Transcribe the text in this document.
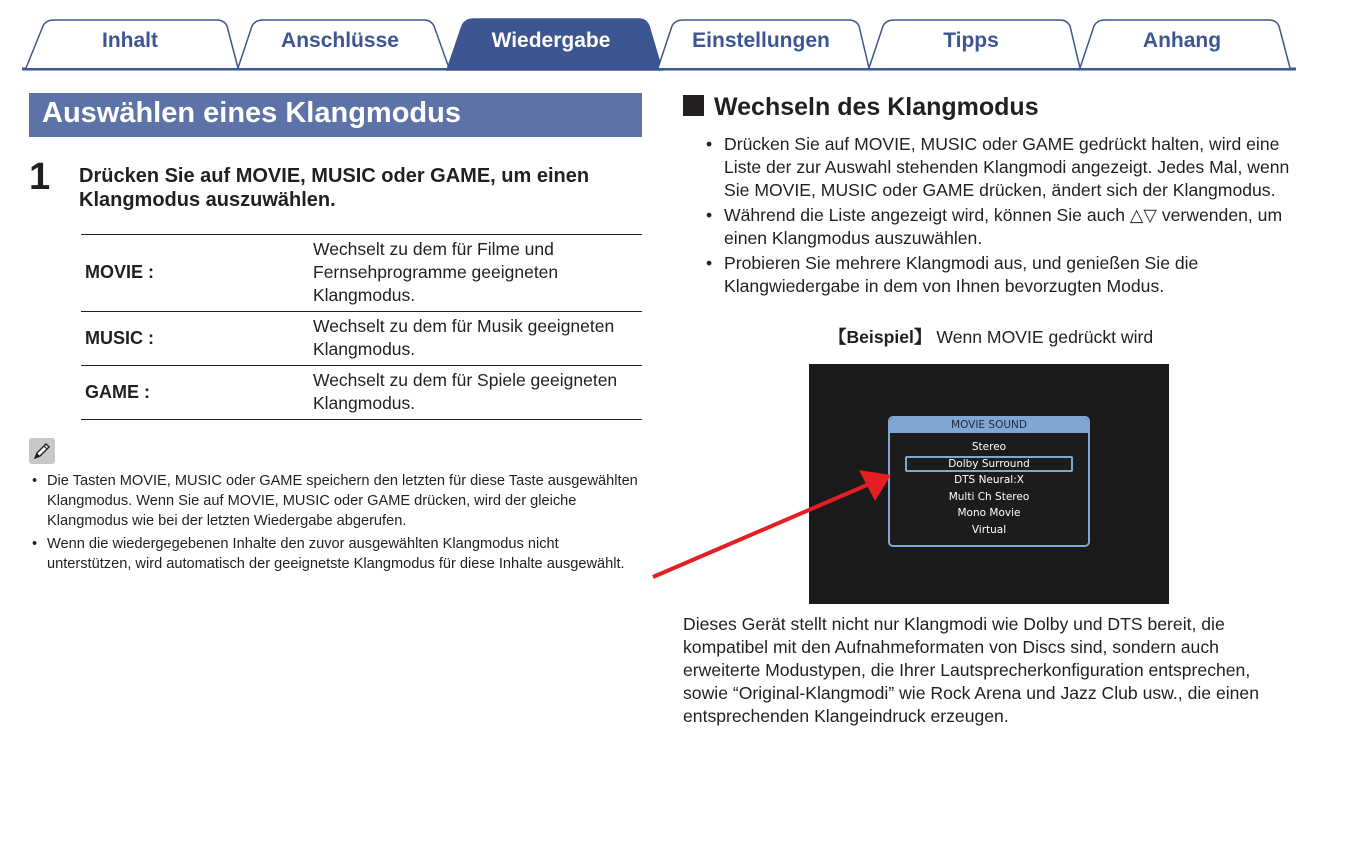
Inhalt	Anschlüsse	Wiedergabe	Einstellungen	Tipps	Anhang
Auswählen eines Klangmodus
1 Drücken Sie auf MOVIE, MUSIC oder GAME, um einen Klangmodus auszuwählen.
MOVIE :	Wechselt zu dem für Filme und Fernsehprogramme geeigneten Klangmodus.
MUSIC :	Wechselt zu dem für Musik geeigneten Klangmodus.
GAME :	Wechselt zu dem für Spiele geeigneten Klangmodus.
• Die Tasten MOVIE, MUSIC oder GAME speichern den letzten für diese Taste ausgewählten Klangmodus. Wenn Sie auf MOVIE, MUSIC oder GAME drücken, wird der gleiche Klangmodus wie bei der letzten Wiedergabe abgerufen.
• Wenn die wiedergegebenen Inhalte den zuvor ausgewählten Klangmodus nicht unterstützen, wird automatisch der geeignetste Klangmodus für diese Inhalte ausgewählt.
Wechseln des Klangmodus
• Drücken Sie auf MOVIE, MUSIC oder GAME gedrückt halten, wird eine Liste der zur Auswahl stehenden Klangmodi angezeigt. Jedes Mal, wenn Sie MOVIE, MUSIC oder GAME drücken, ändert sich der Klangmodus.
• Während die Liste angezeigt wird, können Sie auch △▽ verwenden, um einen Klangmodus auszuwählen.
• Probieren Sie mehrere Klangmodi aus, und genießen Sie die Klangwiedergabe in dem von Ihnen bevorzugten Modus.
【Beispiel】 Wenn MOVIE gedrückt wird
MOVIE SOUND
Stereo
Dolby Surround
DTS Neural:X
Multi Ch Stereo
Mono Movie
Virtual
Dieses Gerät stellt nicht nur Klangmodi wie Dolby und DTS bereit, die kompatibel mit den Aufnahmeformaten von Discs sind, sondern auch erweiterte Modustypen, die Ihrer Lautsprecherkonfiguration entsprechen, sowie “Original-Klangmodi” wie Rock Arena und Jazz Club usw., die einen entsprechenden Klangeindruck erzeugen.
